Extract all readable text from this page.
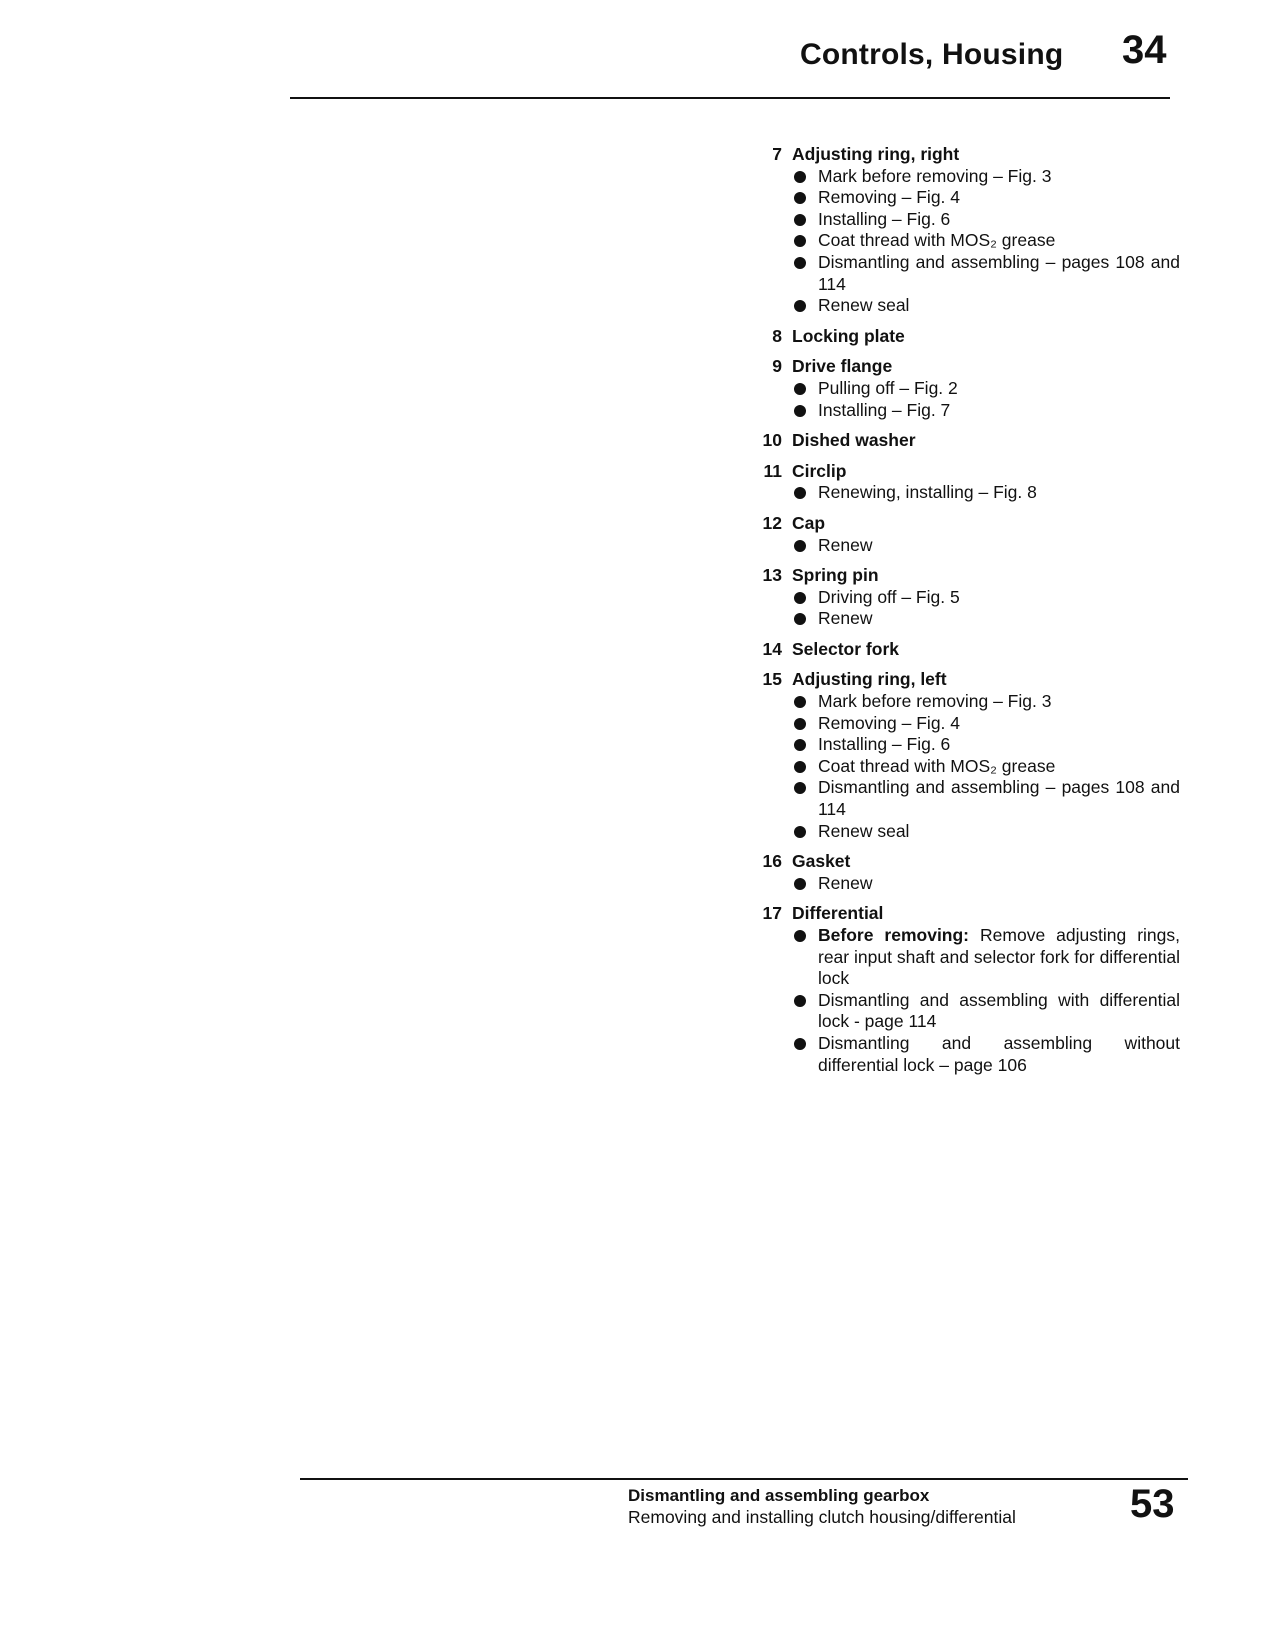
Controls, Housing 34
7 Adjusting ring, right
Mark before removing – Fig. 3
Removing – Fig. 4
Installing – Fig. 6
Coat thread with MOS₂ grease
Dismantling and assembling – pages 108 and 114
Renew seal
8 Locking plate
9 Drive flange
Pulling off – Fig. 2
Installing – Fig. 7
10 Dished washer
11 Circlip
Renewing, installing – Fig. 8
12 Cap
Renew
13 Spring pin
Driving off – Fig. 5
Renew
14 Selector fork
15 Adjusting ring, left
Mark before removing – Fig. 3
Removing – Fig. 4
Installing – Fig. 6
Coat thread with MOS₂ grease
Dismantling and assembling – pages 108 and 114
Renew seal
16 Gasket
Renew
17 Differential
Before removing: Remove adjusting rings, rear input shaft and selector fork for differential lock
Dismantling and assembling with differential lock - page 114
Dismantling and assembling without differential lock – page 106
Dismantling and assembling gearbox
Removing and installing clutch housing/differential	53
